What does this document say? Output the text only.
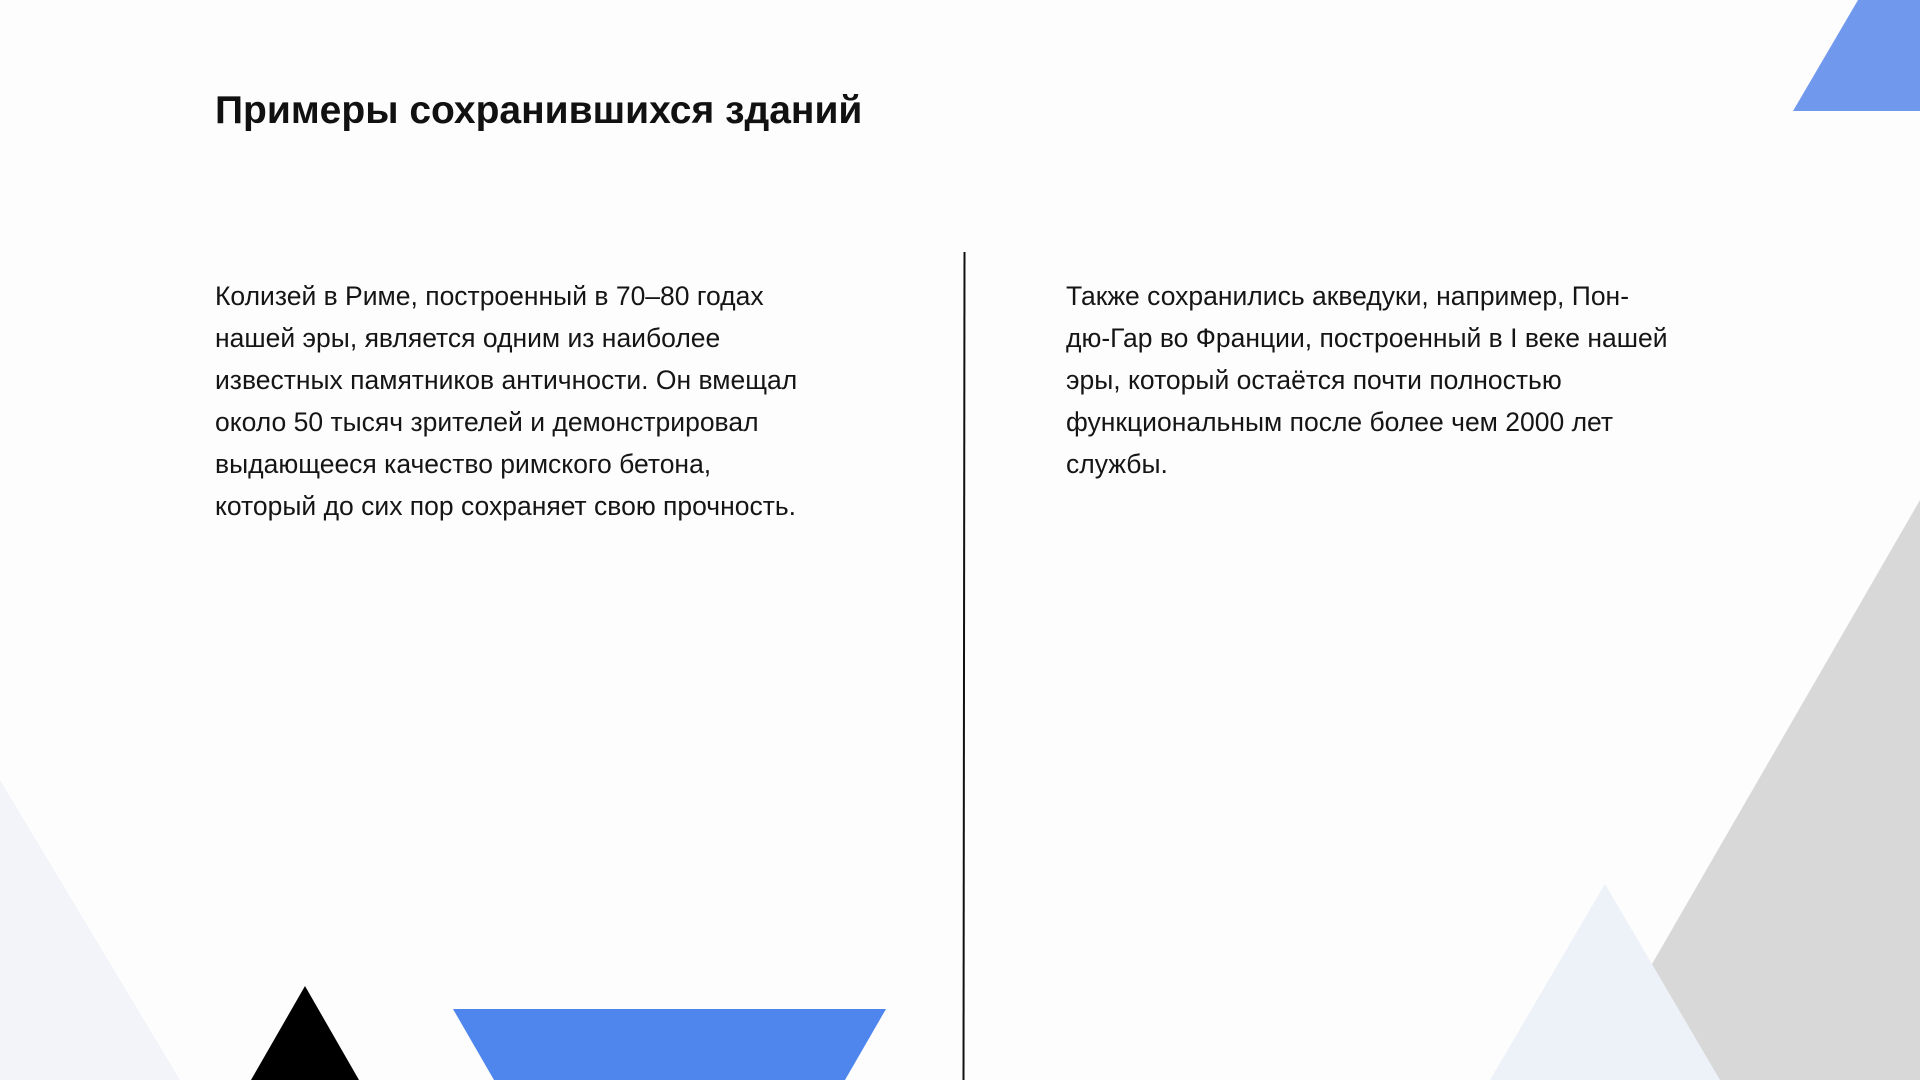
Примеры сохранившихся зданий
Колизей в Риме, построенный в 70–80 годах
нашей эры, является одним из наиболее
известных памятников античности. Он вмещал
около 50 тысяч зрителей и демонстрировал
выдающееся качество римского бетона,
который до сих пор сохраняет свою прочность.
Также сохранились акведуки, например, Пон-
дю-Гар во Франции, построенный в I веке нашей
эры, который остаётся почти полностью
функциональным после более чем 2000 лет
службы.
